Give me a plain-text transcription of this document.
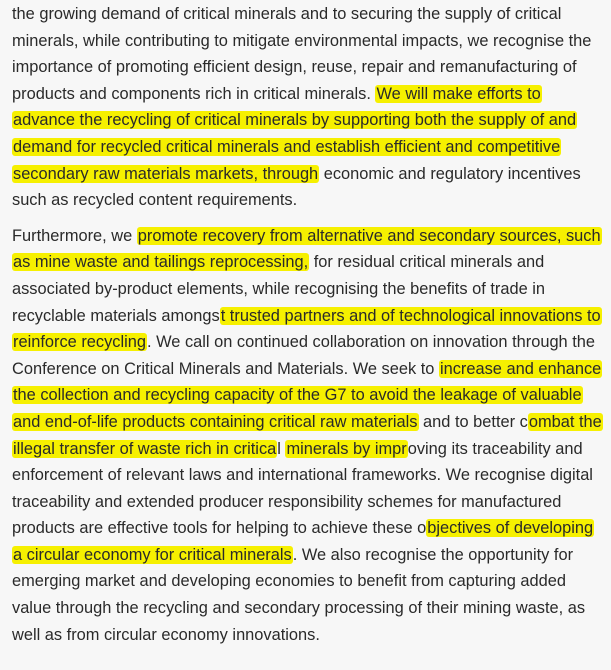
the growing demand of critical minerals and to securing the supply of critical minerals, while contributing to mitigate environmental impacts, we recognise the importance of promoting efficient design, reuse, repair and remanufacturing of products and components rich in critical minerals. We will make efforts to advance the recycling of critical minerals by supporting both the supply of and demand for recycled critical minerals and establish efficient and competitive secondary raw materials markets, through economic and regulatory incentives such as recycled content requirements.

Furthermore, we promote recovery from alternative and secondary sources, such as mine waste and tailings reprocessing, for residual critical minerals and associated by-product elements, while recognising the benefits of trade in recyclable materials amongst trusted partners and of technological innovations to reinforce recycling. We call on continued collaboration on innovation through the Conference on Critical Minerals and Materials. We seek to increase and enhance the collection and recycling capacity of the G7 to avoid the leakage of valuable and end-of-life products containing critical raw materials and to better combat the illegal transfer of waste rich in critical minerals by improving its traceability and enforcement of relevant laws and international frameworks. We recognise digital traceability and extended producer responsibility schemes for manufactured products are effective tools for helping to achieve these objectives of developing a circular economy for critical minerals. We also recognise the opportunity for emerging market and developing economies to benefit from capturing added value through the recycling and secondary processing of their mining waste, as well as from circular economy innovations.
